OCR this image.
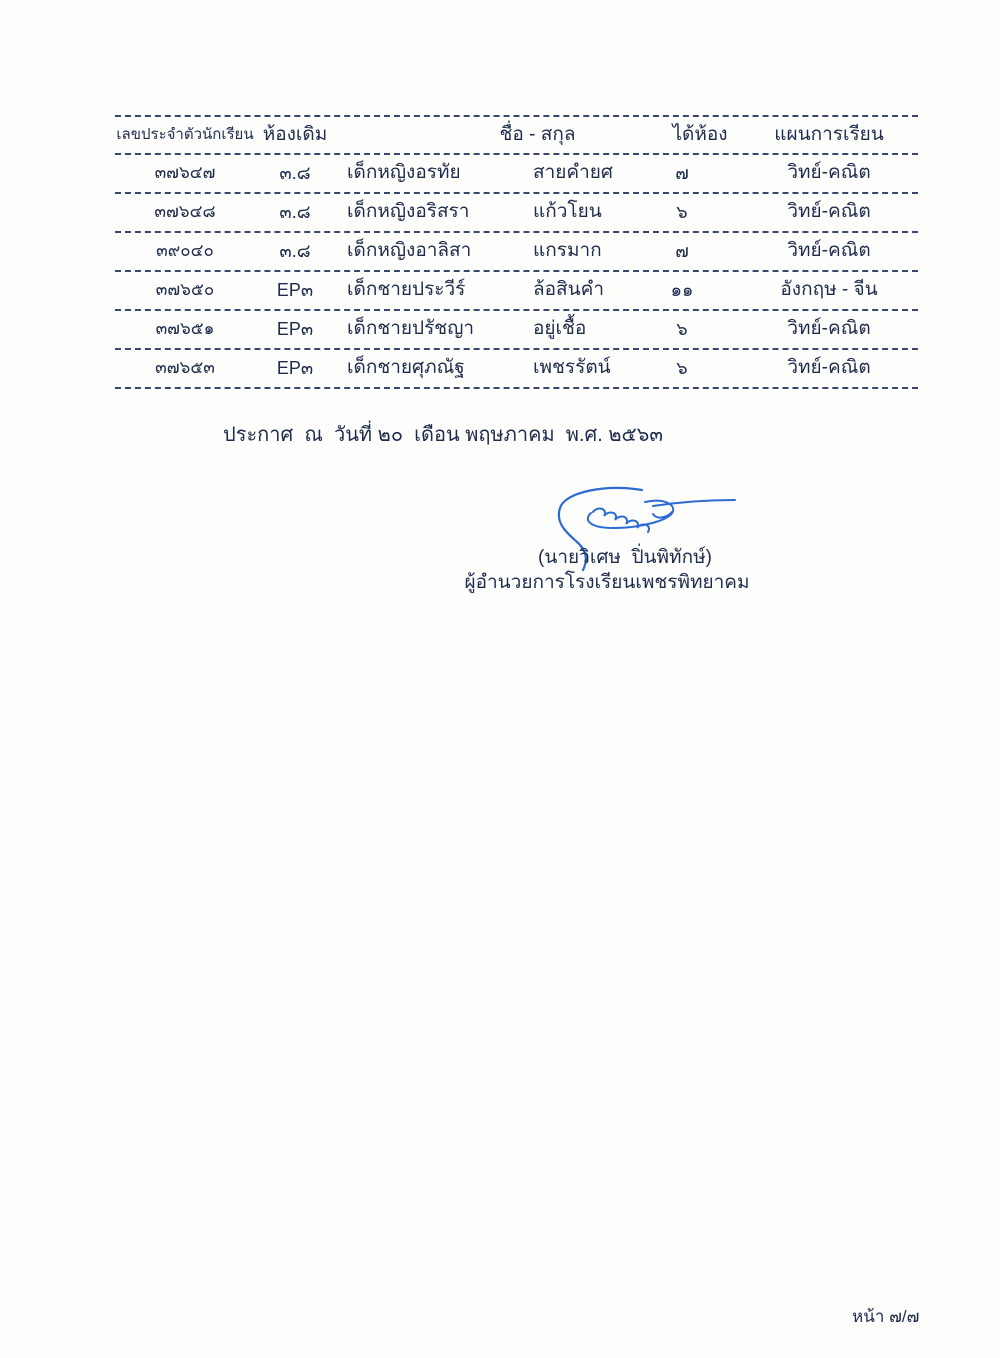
เลขประจำตัวนักเรียน ห้องเดิม	ชื่อ - สกุล	ได้ห้อง	แผนการเรียน
๓๗๖๔๗	๓.๘	เด็กหญิงอรทัย	สายคำยศ	๗	วิทย์-คณิต
๓๗๖๔๘	๓.๘	เด็กหญิงอริสรา	แก้วโยน	๖	วิทย์-คณิต
๓๙๐๔๐	๓.๘	เด็กหญิงอาลิสา	แกรมาก	๗	วิทย์-คณิต
๓๗๖๕๐	EP๓	เด็กชายประวีร์	ล้อสินคำ	๑๑	อังกฤษ - จีน
๓๗๖๕๑	EP๓	เด็กชายปรัชญา	อยู่เชื้อ	๖	วิทย์-คณิต
๓๗๖๕๓	EP๓	เด็กชายศุภณัฐ	เพชรรัตน์	๖	วิทย์-คณิต
ประกาศ  ณ  วันที่ ๒๐  เดือน พฤษภาคม  พ.ศ. ๒๕๖๓
(นายวิเศษ  ปิ่นพิทักษ์)
ผู้อำนวยการโรงเรียนเพชรพิทยาคม
หน้า ๗/๗
